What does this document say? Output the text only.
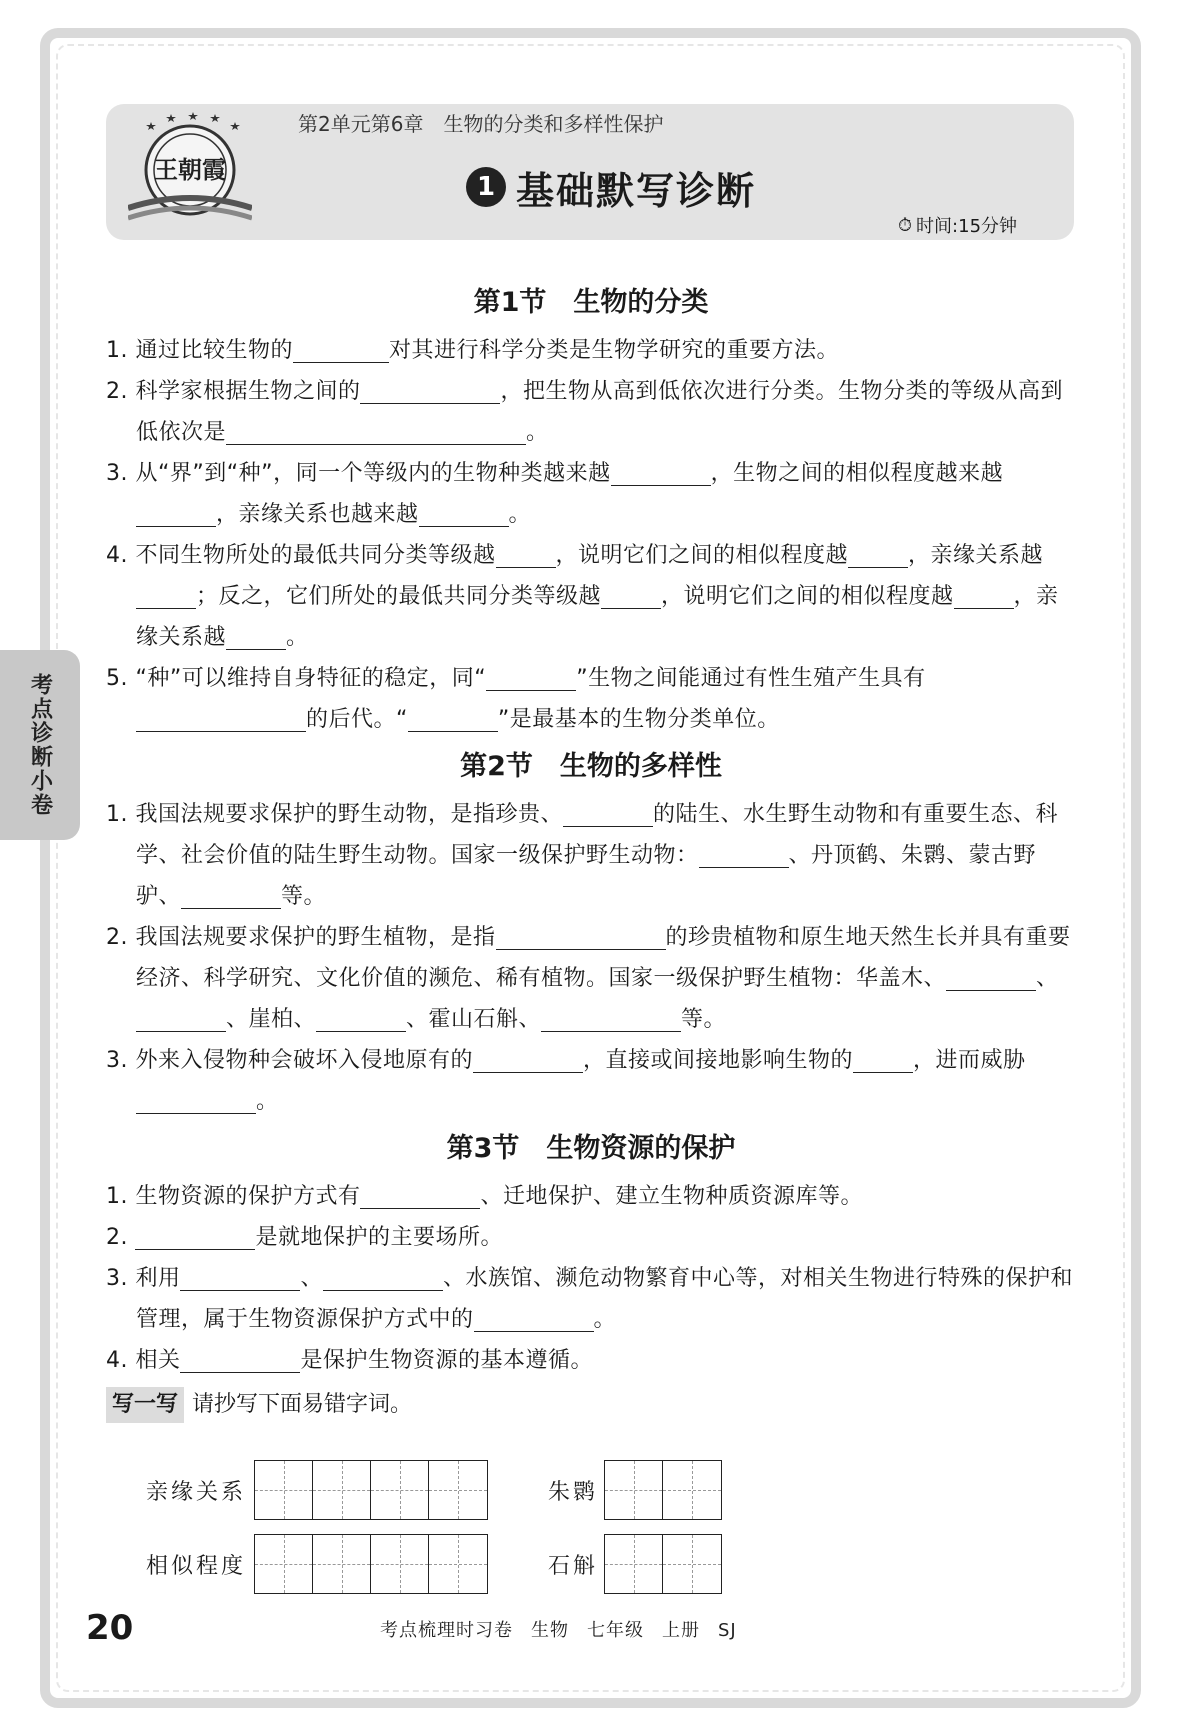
王朝霞
第2单元第6章 生物的分类和多样性保护
1 基础默写诊断
⏱ 时间:15分钟
考点诊断小卷
第1节　生物的分类

1. 通过比较生物的	对其进行科学分类是生物学研究的重要方法。

2. 科学家根据生物之间的	，把生物从高到低依次进行分类。生物分类的等级从高到低依次是	。

3. 从“界”到“种”，同一个等级内的生物种类越来越	，生物之间的相似程度越来越，亲缘关系也越来越	。

4. 不同生物所处的最低共同分类等级越	，说明它们之间的相似程度越	，亲缘关系越；反之，它们所处的最低共同分类等级越	，说明它们之间的相似程度越	，亲缘关系越	。

5. “种”可以维持自身特征的稳定，同“	”生物之间能通过有性生殖产生具有的后代。“	”是最基本的生物分类单位。

第2节　生物的多样性

1. 我国法规要求保护的野生动物，是指珍贵、	的陆生、水生野生动物和有重要生态、科学、社会价值的陆生野生动物。国家一级保护野生动物：	、丹顶鹤、朱鹮、蒙古野驴、	等。

2. 我国法规要求保护的野生植物，是指	的珍贵植物和原生地天然生长并具有重要经济、科学研究、文化价值的濒危、稀有植物。国家一级保护野生植物：华盖木、	、、崖柏、	、霍山石斛、	等。

3. 外来入侵物种会破坏入侵地原有的	，直接或间接地影响生物的	，进而威胁。

第3节　生物资源的保护

1. 生物资源的保护方式有	、迁地保护、建立生物种质资源库等。

2.	是就地保护的主要场所。

3. 利用	、	、水族馆、濒危动物繁育中心等，对相关生物进行特殊的保护和管理，属于生物资源保护方式中的	。

4. 相关	是保护生物资源的基本遵循。

写一写 请抄写下面易错字词。
亲缘关系	朱鹮
相似程度	石斛
20	考点梳理时习卷 生物 七年级 上册 SJ
